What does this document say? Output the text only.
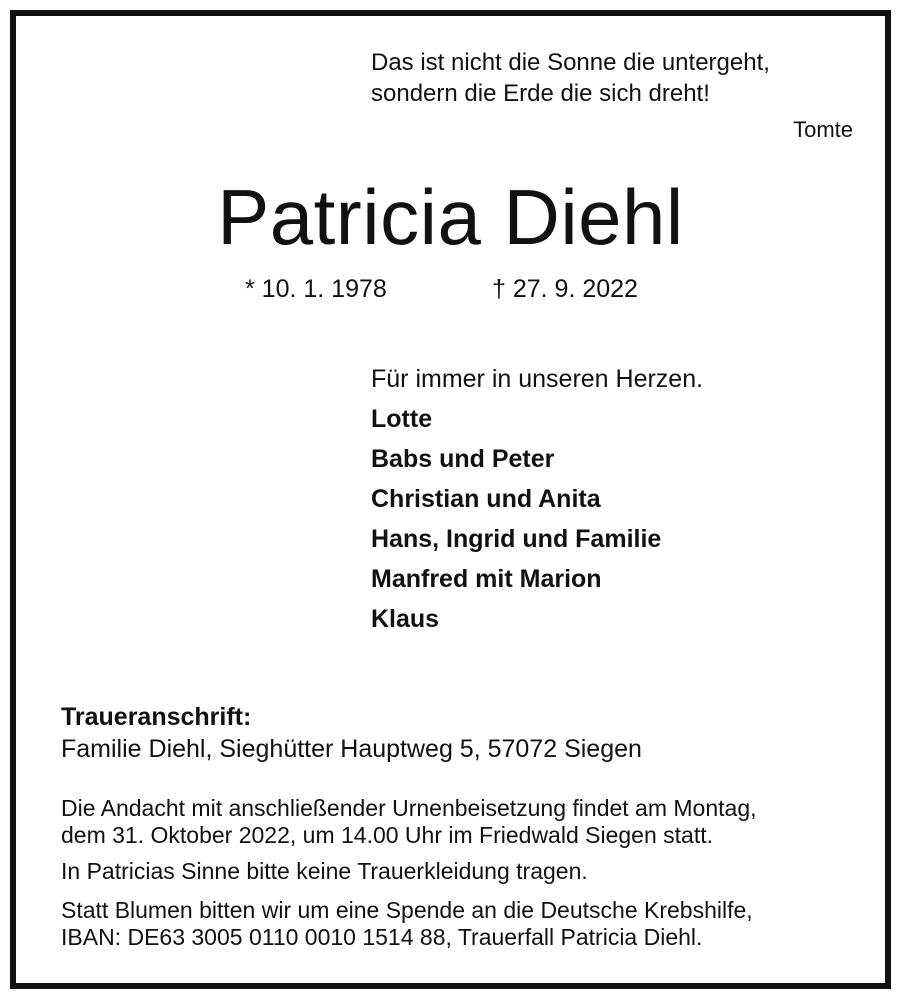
Das ist nicht die Sonne die untergeht,
sondern die Erde die sich dreht!
Tomte
Patricia Diehl
* 10. 1. 1978	† 27. 9. 2022
Für immer in unseren Herzen.
Lotte
Babs und Peter
Christian und Anita
Hans, Ingrid und Familie
Manfred mit Marion
Klaus
Traueranschrift:
Familie Diehl, Sieghütter Hauptweg 5, 57072 Siegen
Die Andacht mit anschließender Urnenbeisetzung findet am Montag,
dem 31. Oktober 2022, um 14.00 Uhr im Friedwald Siegen statt.
In Patricias Sinne bitte keine Trauerkleidung tragen.
Statt Blumen bitten wir um eine Spende an die Deutsche Krebshilfe,
IBAN: DE63 3005 0110 0010 1514 88, Trauerfall Patricia Diehl.
